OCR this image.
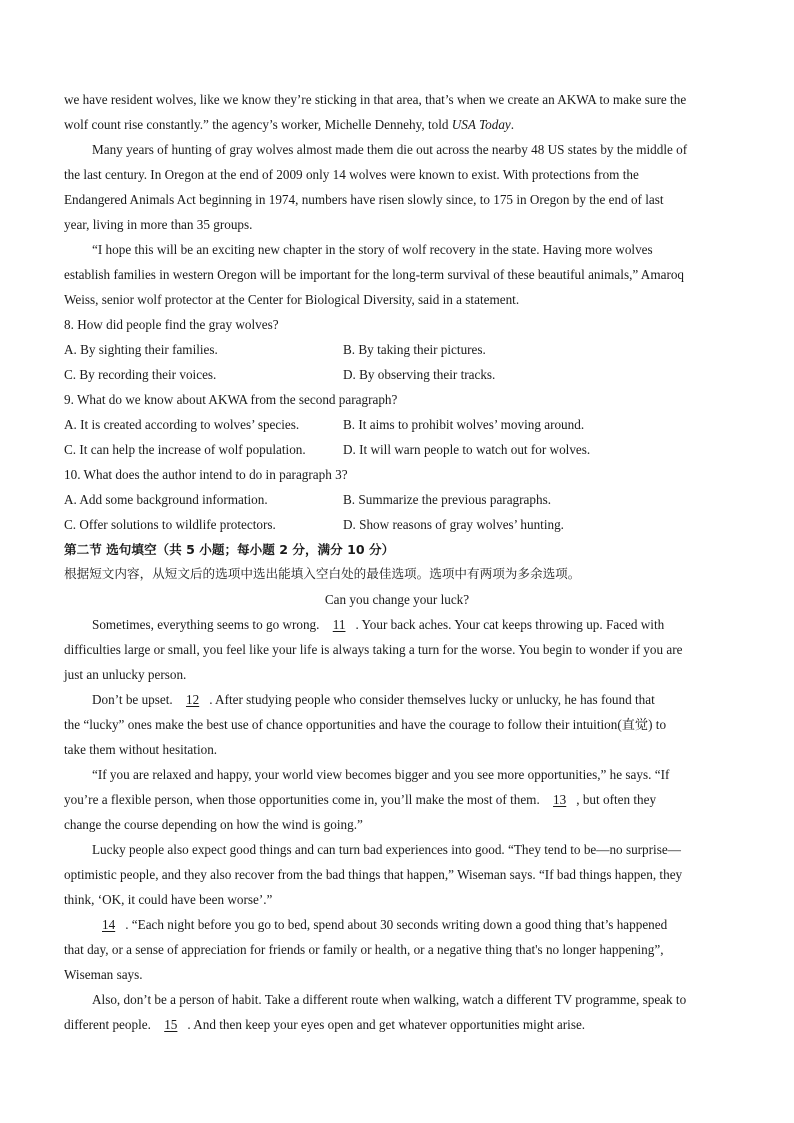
we have resident wolves, like we know they’re sticking in that area, that’s when we create an AKWA to make sure the
wolf count rise constantly.” the agency’s worker, Michelle Dennehy, told USA Today.
Many years of hunting of gray wolves almost made them die out across the nearby 48 US states by the middle of
the last century. In Oregon at the end of 2009 only 14 wolves were known to exist. With protections from the
Endangered Animals Act beginning in 1974, numbers have risen slowly since, to 175 in Oregon by the end of last
year, living in more than 35 groups.
“I hope this will be an exciting new chapter in the story of wolf recovery in the state. Having more wolves
establish families in western Oregon will be important for the long-term survival of these beautiful animals,” Amaroq
Weiss, senior wolf protector at the Center for Biological Diversity, said in a statement.
8. How did people find the gray wolves?
A. By sighting their families.	B. By taking their pictures.
C. By recording their voices.	D. By observing their tracks.
9. What do we know about AKWA from the second paragraph?
A. It is created according to wolves’ species.	B. It aims to prohibit wolves’ moving around.
C. It can help the increase of wolf population.	D. It will warn people to watch out for wolves.
10. What does the author intend to do in paragraph 3?
A. Add some background information.	B. Summarize the previous paragraphs.
C. Offer solutions to wildlife protectors.	D. Show reasons of gray wolves’ hunting.
第二节 选句填空（共 5 小题；每小题 2 分，满分 10 分）
根据短文内容，从短文后的选项中选出能填入空白处的最佳选项。选项中有两项为多余选项。
Can you change your luck?
Sometimes, everything seems to go wrong. 11 . Your back aches. Your cat keeps throwing up. Faced with
difficulties large or small, you feel like your life is always taking a turn for the worse. You begin to wonder if you are
just an unlucky person.
Don’t be upset. 12 . After studying people who consider themselves lucky or unlucky, he has found that
the “lucky” ones make the best use of chance opportunities and have the courage to follow their intuition(直觉) to
take them without hesitation.
“If you are relaxed and happy, your world view becomes bigger and you see more opportunities,” he says. “If
you’re a flexible person, when those opportunities come in, you’ll make the most of them. 13 , but often they
change the course depending on how the wind is going.”
Lucky people also expect good things and can turn bad experiences into good. “They tend to be—no surprise—
optimistic people, and they also recover from the bad things that happen,” Wiseman says. “If bad things happen, they
think, ‘OK, it could have been worse’.”
14 . “Each night before you go to bed, spend about 30 seconds writing down a good thing that’s happened
that day, or a sense of appreciation for friends or family or health, or a negative thing that's no longer happening”,
Wiseman says.
Also, don’t be a person of habit. Take a different route when walking, watch a different TV programme, speak to
different people. 15 . And then keep your eyes open and get whatever opportunities might arise.
